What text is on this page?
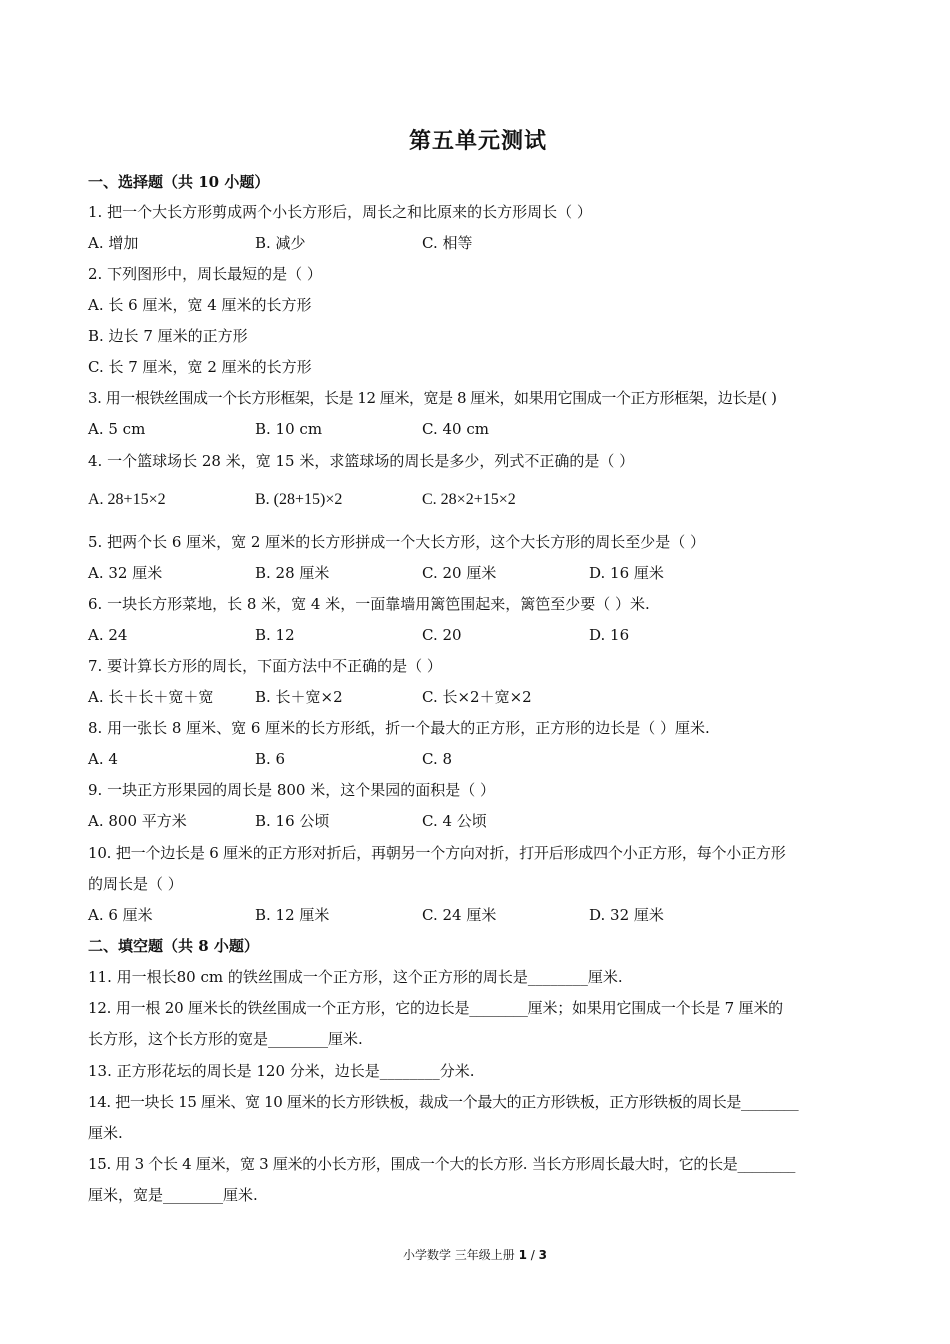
第五单元测试
一、选择题（共 10 小题）
1. 把一个大长方形剪成两个小长方形后，周长之和比原来的长方形周长（ ）
A. 增加	B. 减少	C. 相等
2. 下列图形中，周长最短的是（ ）
A. 长 6 厘米，宽 4 厘米的长方形
B. 边长 7 厘米的正方形
C. 长 7 厘米，宽 2 厘米的长方形
3. 用一根铁丝围成一个长方形框架，长是 12 厘米，宽是 8 厘米，如果用它围成一个正方形框架，边长是( )
A. 5 cm	B. 10 cm	C. 40 cm
4. 一个篮球场长 28 米，宽 15 米，求篮球场的周长是多少，列式不正确的是（ ）
A. 28+15×2	B. (28+15)×2	C. 28×2+15×2
5. 把两个长 6 厘米，宽 2 厘米的长方形拼成一个大长方形，这个大长方形的周长至少是（ ）
A. 32 厘米	B. 28 厘米	C. 20 厘米	D. 16 厘米
6. 一块长方形菜地，长 8 米，宽 4 米，一面靠墙用篱笆围起来，篱笆至少要（ ）米.
A. 24	B. 12	C. 20	D. 16
7. 要计算长方形的周长，下面方法中不正确的是（ ）
A. 长＋长＋宽＋宽	B. 长＋宽×2	C. 长×2＋宽×2
8. 用一张长 8 厘米、宽 6 厘米的长方形纸，折一个最大的正方形，正方形的边长是（ ）厘米.
A. 4	B. 6	C. 8
9. 一块正方形果园的周长是 800 米，这个果园的面积是（ ）
A. 800 平方米	B. 16 公顷	C. 4 公顷
10. 把一个边长是 6 厘米的正方形对折后，再朝另一个方向对折，打开后形成四个小正方形，每个小正方形
的周长是（ ）
A. 6 厘米	B. 12 厘米	C. 24 厘米	D. 32 厘米
二、填空题（共 8 小题）
11. 用一根长80 cm 的铁丝围成一个正方形，这个正方形的周长是________厘米.
12. 用一根 20 厘米长的铁丝围成一个正方形，它的边长是________厘米；如果用它围成一个长是 7 厘米的
长方形，这个长方形的宽是________厘米.
13. 正方形花坛的周长是 120 分米，边长是________分米.
14. 把一块长 15 厘米、宽 10 厘米的长方形铁板，裁成一个最大的正方形铁板，正方形铁板的周长是________
厘米.
15. 用 3 个长 4 厘米，宽 3 厘米的小长方形，围成一个大的长方形. 当长方形周长最大时，它的长是________
厘米，宽是________厘米.
小学数学 三年级上册 1 / 3
